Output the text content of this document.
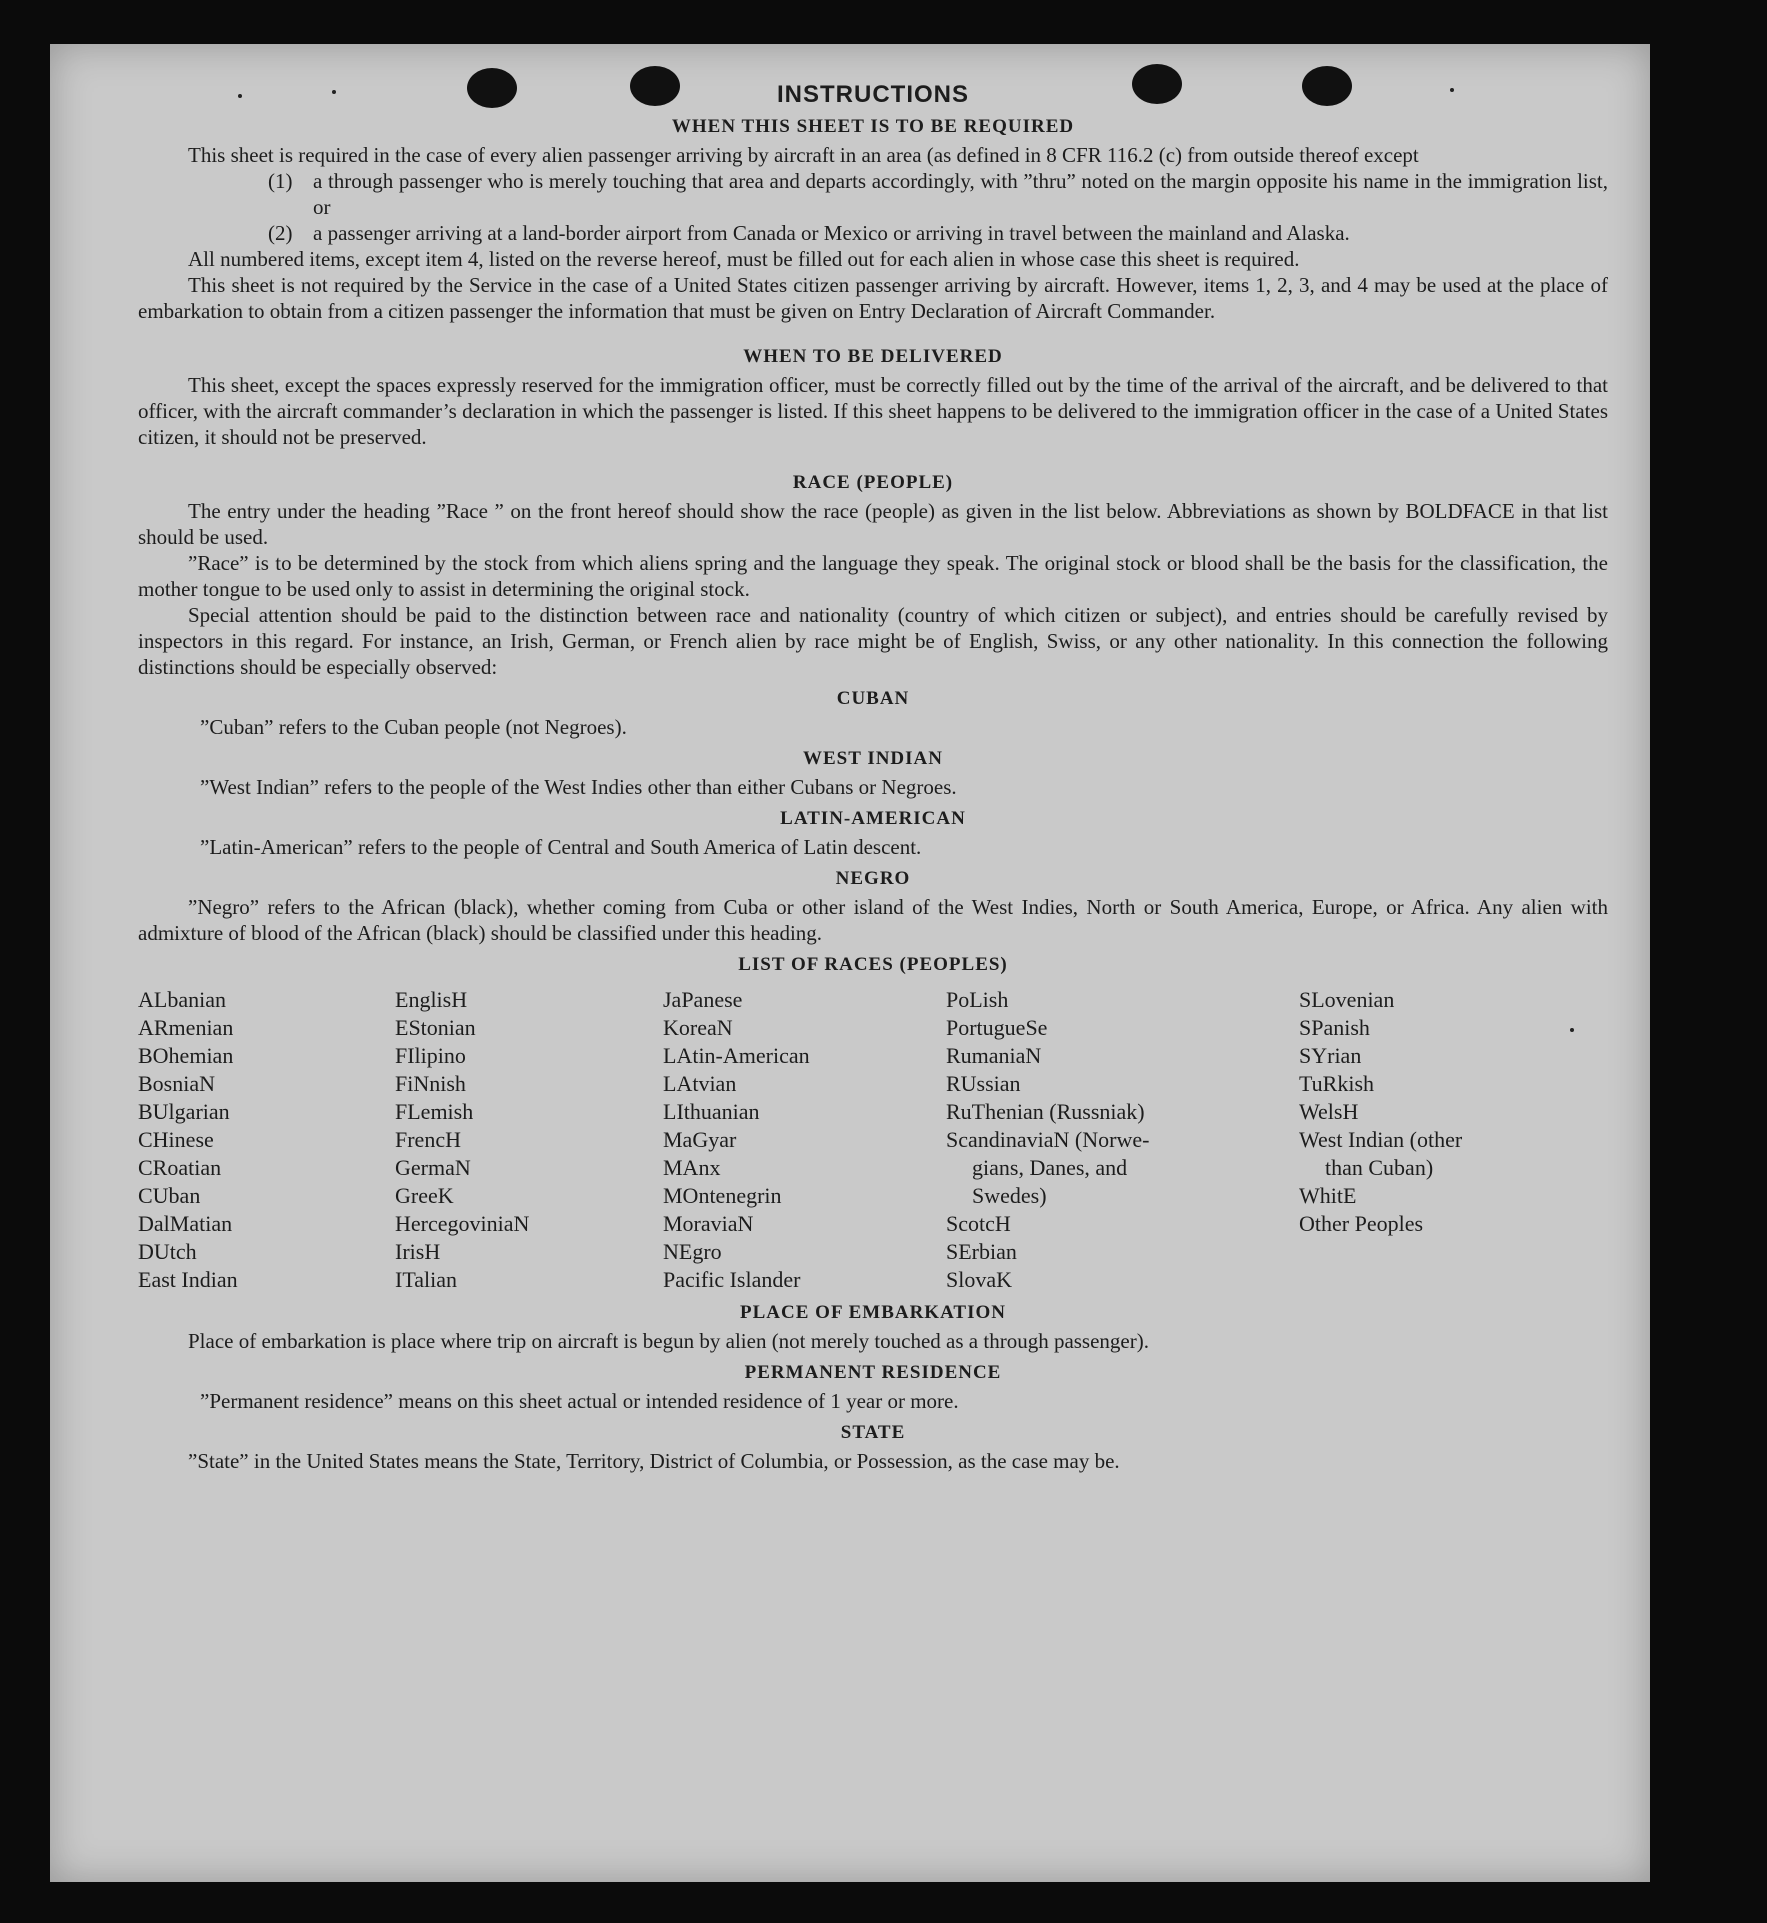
INSTRUCTIONS
WHEN THIS SHEET IS TO BE REQUIRED

This sheet is required in the case of every alien passenger arriving by aircraft in an area (as defined in 8 CFR 116.2 (c) from outside thereof except

(1) a through passenger who is merely touching that area and departs accordingly, with ”thru” noted on the margin opposite his name in the immigration list, or
(2) a passenger arriving at a land-border airport from Canada or Mexico or arriving in travel between the mainland and Alaska.

All numbered items, except item 4, listed on the reverse hereof, must be filled out for each alien in whose case this sheet is required.

This sheet is not required by the Service in the case of a United States citizen passenger arriving by aircraft. However, items 1, 2, 3, and 4 may be used at the place of embarkation to obtain from a citizen passenger the information that must be given on Entry Declaration of Aircraft Commander.

WHEN TO BE DELIVERED

This sheet, except the spaces expressly reserved for the immigration officer, must be correctly filled out by the time of the arrival of the aircraft, and be delivered to that officer, with the aircraft commander’s declaration in which the passenger is listed. If this sheet happens to be delivered to the immigration officer in the case of a United States citizen, it should not be preserved.

RACE (PEOPLE)

The entry under the heading ”Race ” on the front hereof should show the race (people) as given in the list below. Abbreviations as shown by BOLDFACE in that list should be used.

”Race” is to be determined by the stock from which aliens spring and the language they speak. The original stock or blood shall be the basis for the classification, the mother tongue to be used only to assist in determining the original stock.

Special attention should be paid to the distinction between race and nationality (country of which citizen or subject), and entries should be carefully revised by inspectors in this regard. For instance, an Irish, German, or French alien by race might be of English, Swiss, or any other nationality. In this connection the following distinctions should be especially observed:

CUBAN

”Cuban” refers to the Cuban people (not Negroes).

WEST INDIAN

”West Indian” refers to the people of the West Indies other than either Cubans or Negroes.

LATIN-AMERICAN

”Latin-American” refers to the people of Central and South America of Latin descent.

NEGRO

”Negro” refers to the African (black), whether coming from Cuba or other island of the West Indies, North or South America, Europe, or Africa. Any alien with admixture of blood of the African (black) should be classified under this heading.

LIST OF RACES (PEOPLES)
ALbanian
ARmenian
BOhemian
BosniaN
BUlgarian
CHinese
CRoatian
CUban
DalMatian
DUtch
East Indian
EnglisH
EStonian
FIlipino
FiNnish
FLemish
FrencH
GermaN
GreeK
HercegoviniaN
IrisH
ITalian
JaPanese
KoreaN
LAtin-American
LAtvian
LIthuanian
MaGyar
MAnx
MOntenegrin
MoraviaN
NEgro
Pacific Islander
PoLish
PortugueSe
RumaniaN
RUssian
RuThenian (Russniak)
ScandinaviaN (Norwe-
gians, Danes, and
Swedes)
ScotcH
SErbian
SlovaK
SLovenian
SPanish
SYrian
TuRkish
WelsH
West Indian (other
than Cuban)
WhitE
Other Peoples
PLACE OF EMBARKATION

Place of embarkation is place where trip on aircraft is begun by alien (not merely touched as a through passenger).

PERMANENT RESIDENCE

”Permanent residence” means on this sheet actual or intended residence of 1 year or more.

STATE

”State” in the United States means the State, Territory, District of Columbia, or Possession, as the case may be.
